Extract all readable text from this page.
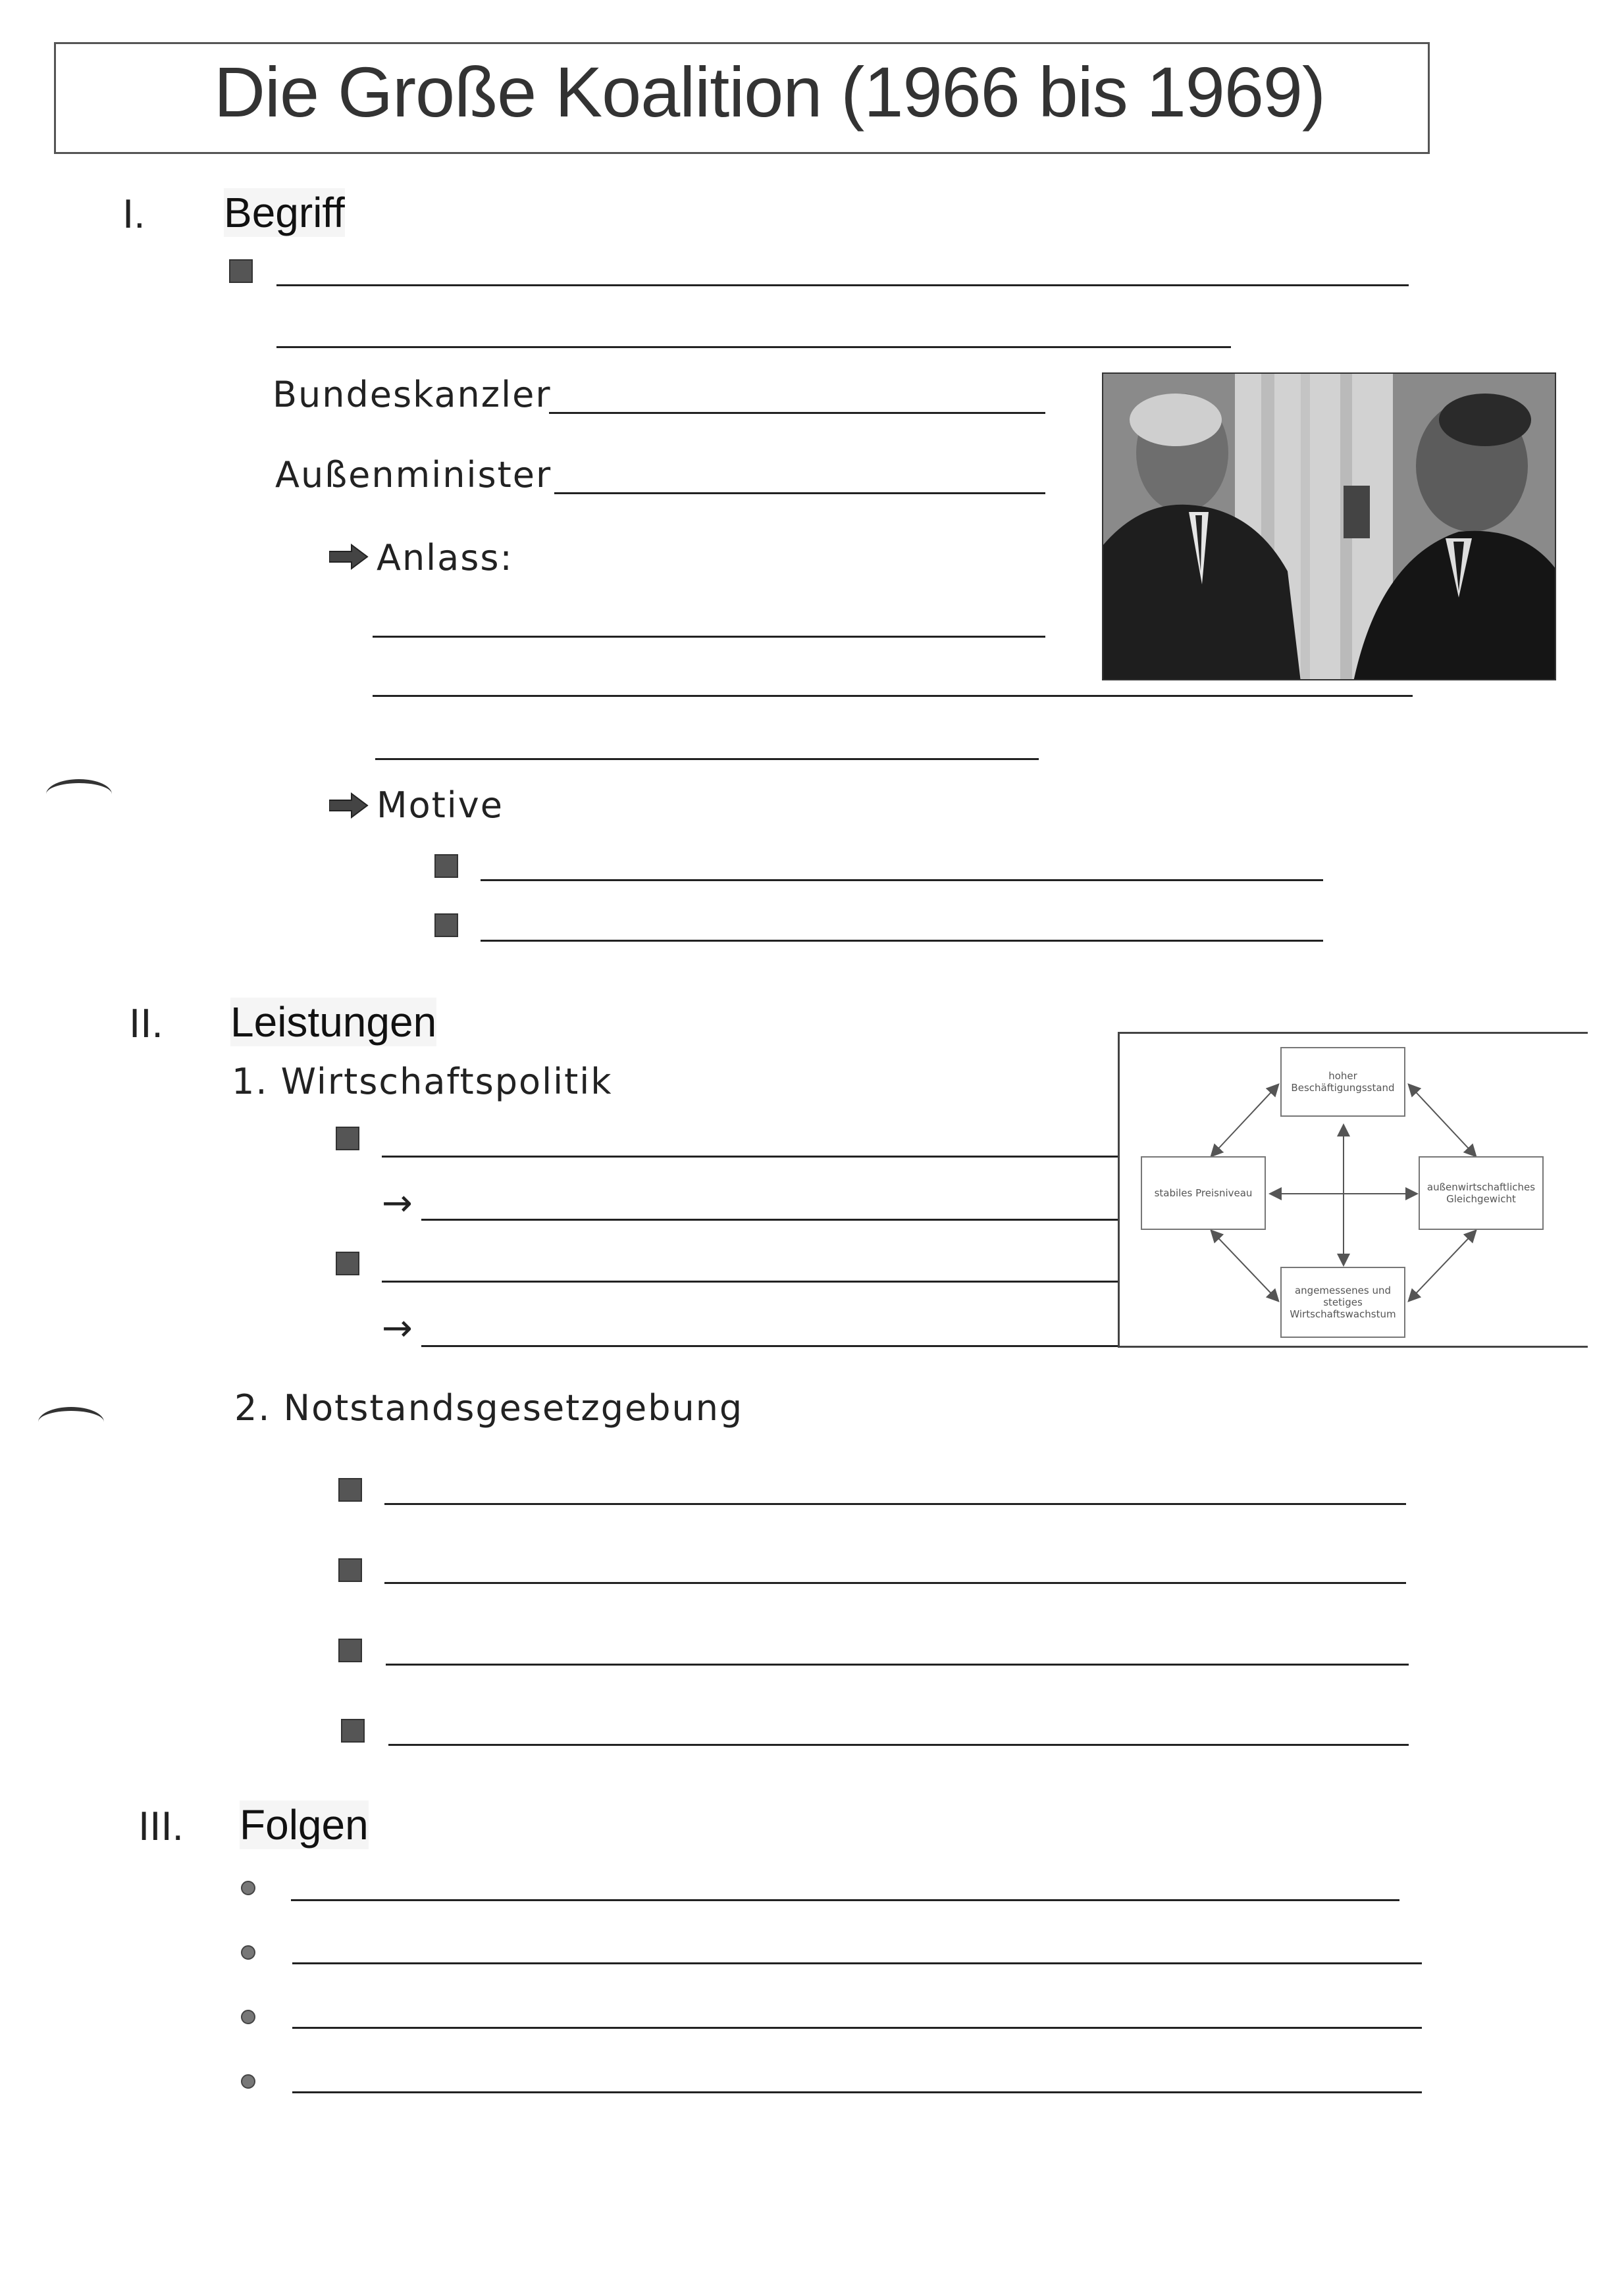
Die Große Koalition (1966 bis 1969)
I. Begriff
Bundeskanzler
Außenminister
Anlass:
Motive
II. Leistungen
1. Wirtschaftspolitik
→
→
hoher Beschäftigungsstand
stabiles Preisniveau	außenwirtschaftliches Gleichgewicht
angemessenes und stetiges Wirtschaftswachstum
2. Notstandsgesetzgebung
III. Folgen
